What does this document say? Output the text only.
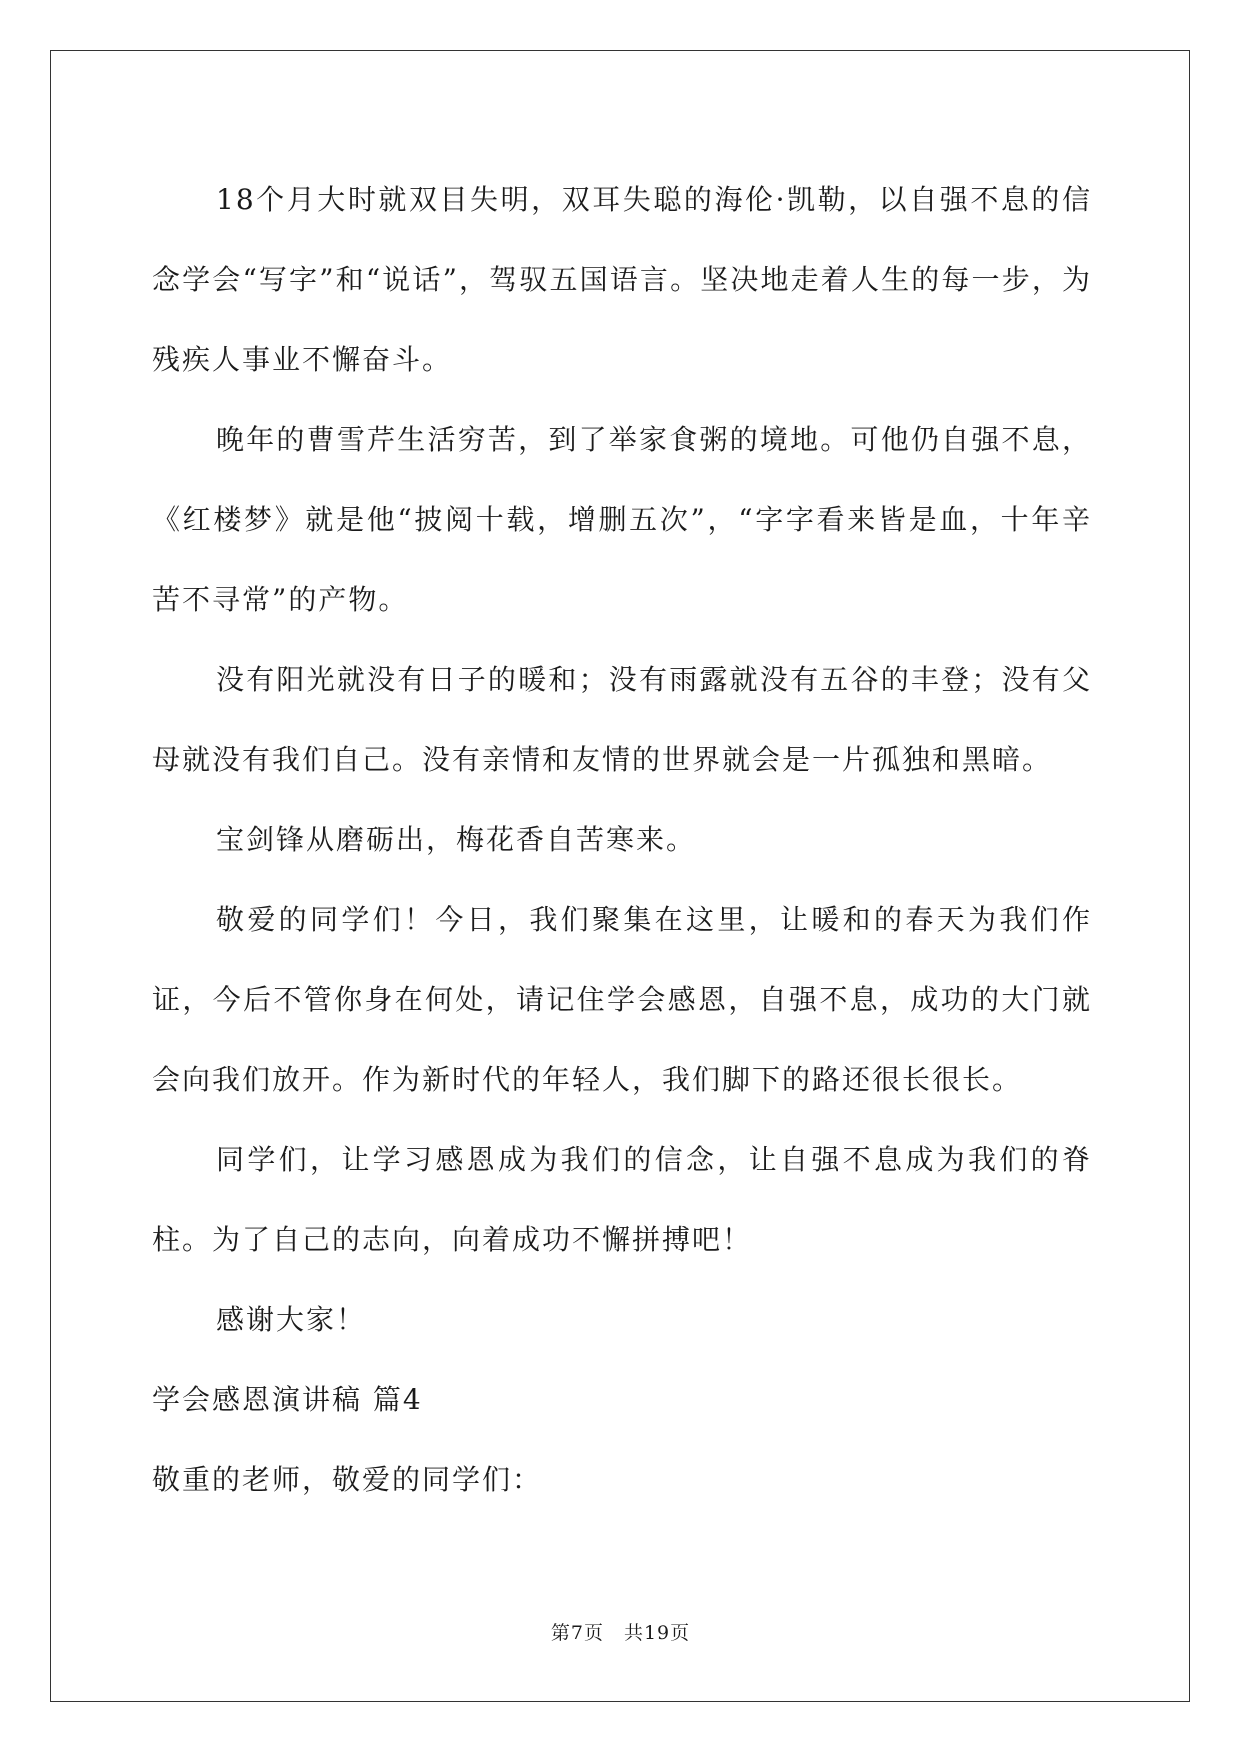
18个月大时就双目失明，双耳失聪的海伦·凯勒，以自强不息的信念学会“写字”和“说话”，驾驭五国语言。坚决地走着人生的每一步，为残疾人事业不懈奋斗。

晚年的曹雪芹生活穷苦，到了举家食粥的境地。可他仍自强不息，《红楼梦》就是他“披阅十载，增删五次”，“字字看来皆是血，十年辛苦不寻常”的产物。

没有阳光就没有日子的暖和；没有雨露就没有五谷的丰登；没有父母就没有我们自己。没有亲情和友情的世界就会是一片孤独和黑暗。

宝剑锋从磨砺出，梅花香自苦寒来。

敬爱的同学们！今日，我们聚集在这里，让暖和的春天为我们作证，今后不管你身在何处，请记住学会感恩，自强不息，成功的大门就会向我们放开。作为新时代的年轻人，我们脚下的路还很长很长。

同学们，让学习感恩成为我们的信念，让自强不息成为我们的脊柱。为了自己的志向，向着成功不懈拼搏吧！

感谢大家！

学会感恩演讲稿 篇4

敬重的老师，敬爱的同学们：

第7页　共19页
